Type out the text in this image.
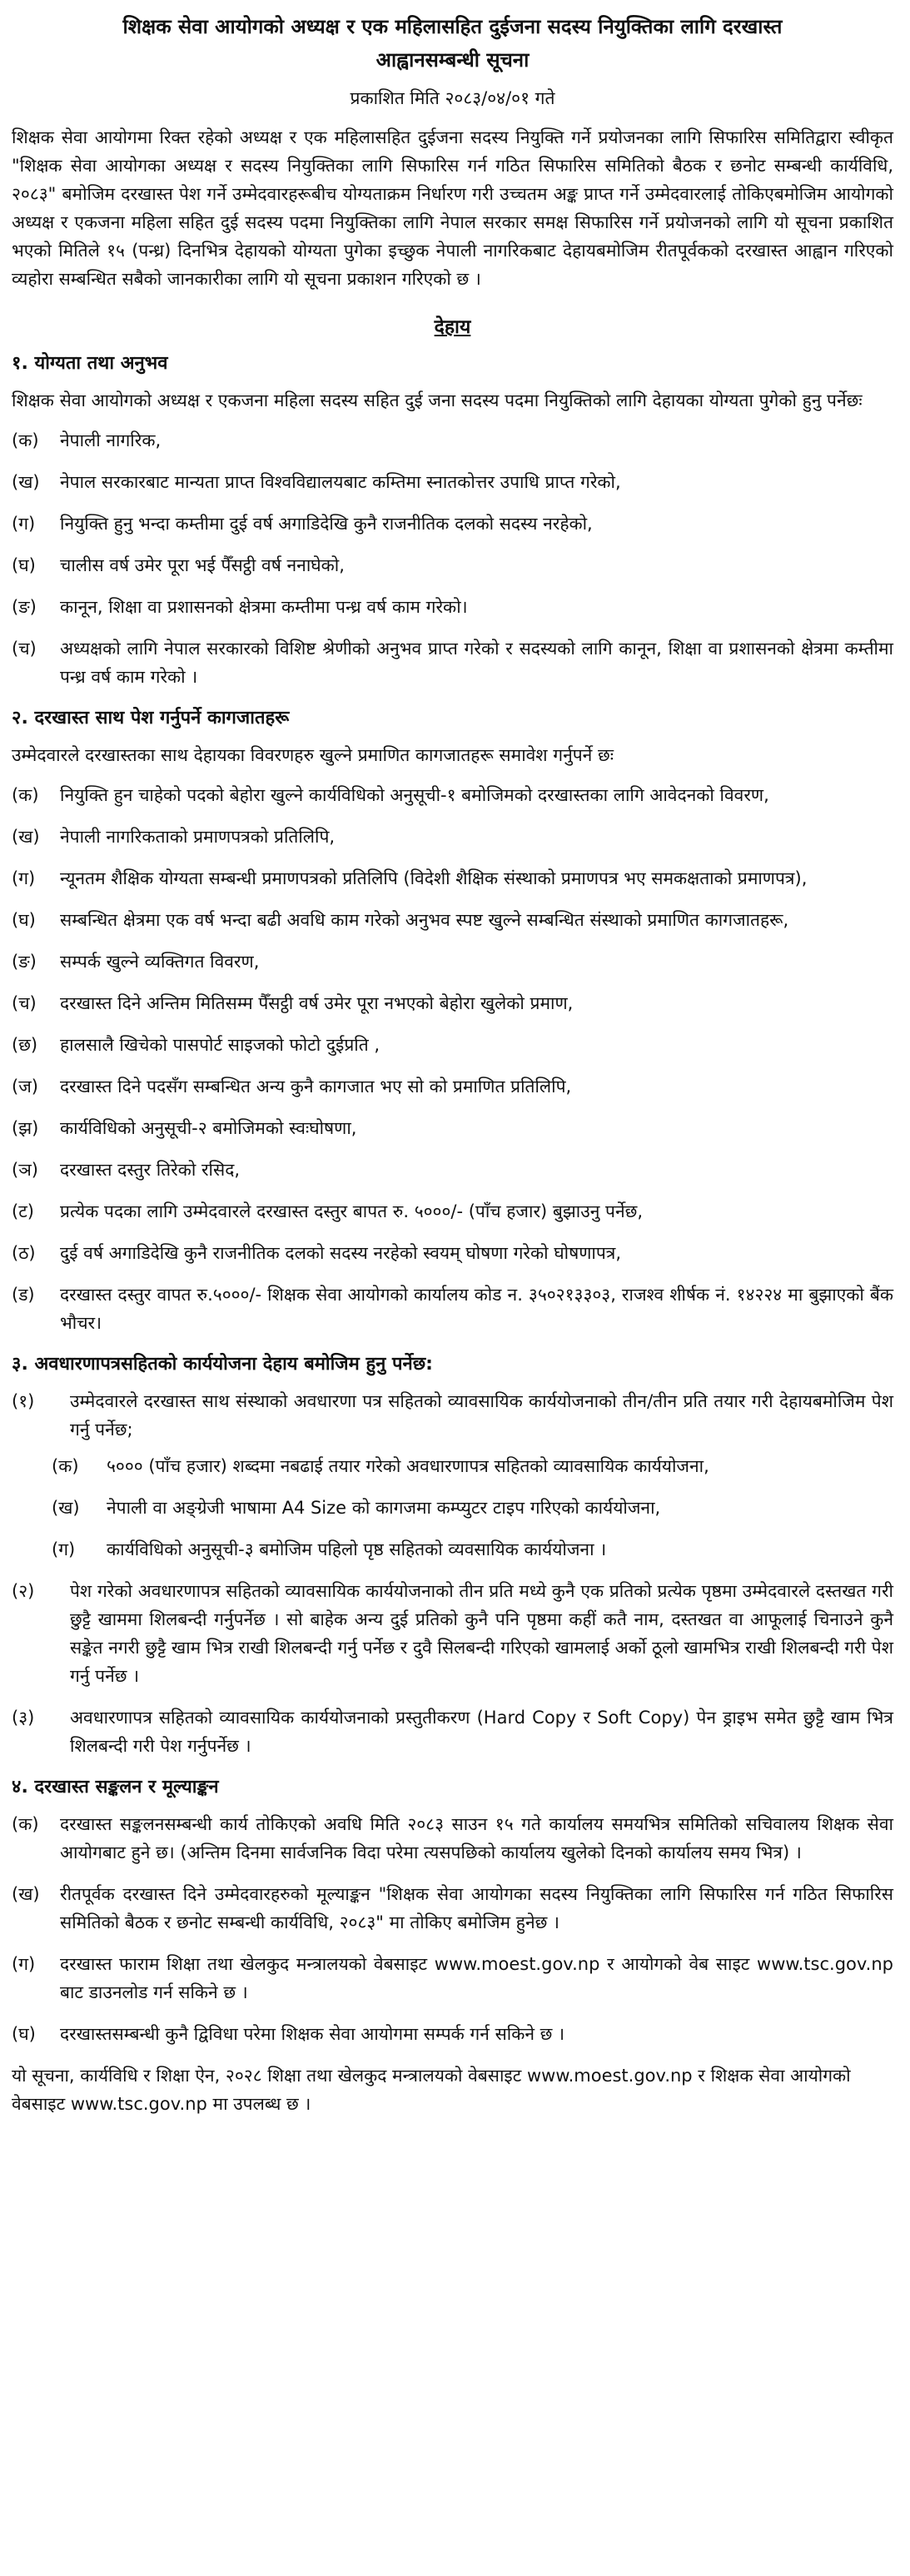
शिक्षक सेवा आयोगको अध्यक्ष र एक महिलासहित दुईजना सदस्य नियुक्तिका लागि दरखास्त

आह्वानसम्बन्धी सूचना

प्रकाशित मिति २०८३/०४/०१ गते

शिक्षक सेवा आयोगमा रिक्त रहेको अध्यक्ष र एक महिलासहित दुईजना सदस्य नियुक्ति गर्ने प्रयोजनका लागि सिफारिस समितिद्वारा स्वीकृत "शिक्षक सेवा आयोगका अध्यक्ष र सदस्य नियुक्तिका लागि सिफारिस गर्न गठित सिफारिस समितिको बैठक र छनोट सम्बन्धी कार्यविधि, २०८३" बमोजिम दरखास्त पेश गर्ने उम्मेदवारहरूबीच योग्यताक्रम निर्धारण गरी उच्चतम अङ्क प्राप्त गर्ने उम्मेदवारलाई तोकिएबमोजिम आयोगको अध्यक्ष र एकजना महिला सहित दुई सदस्य पदमा नियुक्तिका लागि नेपाल सरकार समक्ष सिफारिस गर्ने प्रयोजनको लागि यो सूचना प्रकाशित भएको मितिले १५ (पन्ध्र) दिनभित्र देहायको योग्यता पुगेका इच्छुक नेपाली नागरिकबाट देहायबमोजिम रीतपूर्वकको दरखास्त आह्वान गरिएको व्यहोरा सम्बन्धित सबैको जानकारीका लागि यो सूचना प्रकाशन गरिएको छ ।

देहाय

१. योग्यता तथा अनुभव

शिक्षक सेवा आयोगको अध्यक्ष र एकजना महिला सदस्य सहित दुई जना सदस्य पदमा नियुक्तिको लागि देहायका योग्यता पुगेको हुनु पर्नेछः

(क)	नेपाली नागरिक,
(ख)	नेपाल सरकारबाट मान्यता प्राप्त विश्वविद्यालयबाट कम्तिमा स्नातकोत्तर उपाधि प्राप्त गरेको,
(ग)	नियुक्ति हुनु भन्दा कम्तीमा दुई वर्ष अगाडिदेखि कुनै राजनीतिक दलको सदस्य नरहेको,
(घ)	चालीस वर्ष उमेर पूरा भई पैँसट्ठी वर्ष ननाघेको,
(ङ)	कानून, शिक्षा वा प्रशासनको क्षेत्रमा कम्तीमा पन्ध्र वर्ष काम गरेको।
(च)	अध्यक्षको लागि नेपाल सरकारको विशिष्ट श्रेणीको अनुभव प्राप्त गरेको र सदस्यको लागि कानून, शिक्षा वा प्रशासनको क्षेत्रमा कम्तीमा पन्ध्र वर्ष काम गरेको ।

२. दरखास्त साथ पेश गर्नुपर्ने कागजातहरू

उम्मेदवारले दरखास्तका साथ देहायका विवरणहरु खुल्ने प्रमाणित कागजातहरू समावेश गर्नुपर्ने छः

(क)	नियुक्ति हुन चाहेको पदको बेहोरा खुल्ने कार्यविधिको अनुसूची-१ बमोजिमको दरखास्तका लागि आवेदनको विवरण,
(ख)	नेपाली नागरिकताको प्रमाणपत्रको प्रतिलिपि,
(ग)	न्यूनतम शैक्षिक योग्यता सम्बन्धी प्रमाणपत्रको प्रतिलिपि (विदेशी शैक्षिक संस्थाको प्रमाणपत्र भए समकक्षताको प्रमाणपत्र),
(घ)	सम्बन्धित क्षेत्रमा एक वर्ष भन्दा बढी अवधि काम गरेको अनुभव स्पष्ट खुल्ने सम्बन्धित संस्थाको प्रमाणित कागजातहरू,
(ङ)	सम्पर्क खुल्ने व्यक्तिगत विवरण,
(च)	दरखास्त दिने अन्तिम मितिसम्म पैँसट्ठी वर्ष उमेर पूरा नभएको बेहोरा खुलेको प्रमाण,
(छ)	हालसालै खिचेको पासपोर्ट साइजको फोटो दुईप्रति ,
(ज)	दरखास्त दिने पदसँग सम्बन्धित अन्य कुनै कागजात भए सो को प्रमाणित प्रतिलिपि,
(झ)	कार्यविधिको अनुसूची-२ बमोजिमको स्वःघोषणा,
(ञ)	दरखास्त दस्तुर तिरेको रसिद,
(ट)	प्रत्येक पदका लागि उम्मेदवारले दरखास्त दस्तुर बापत रु. ५०००/- (पाँच हजार) बुझाउनु पर्नेछ,
(ठ)	दुई वर्ष अगाडिदेखि कुनै राजनीतिक दलको सदस्य नरहेको स्वयम् घोषणा गरेको घोषणापत्र,
(ड)	दरखास्त दस्तुर वापत रु.५०००/- शिक्षक सेवा आयोगको कार्यालय कोड न. ३५०२१३३०३, राजश्व शीर्षक नं. १४२२४ मा बुझाएको बैंक भौचर।

३. अवधारणापत्रसहितको कार्ययोजना देहाय बमोजिम हुनु पर्नेछ:

(१)	उम्मेदवारले दरखास्त साथ संस्थाको अवधारणा पत्र सहितको व्यावसायिक कार्ययोजनाको तीन/तीन प्रति तयार गरी देहायबमोजिम पेश गर्नु पर्नेछ;
(क)	५००० (पाँच हजार) शब्दमा नबढाई तयार गरेको अवधारणापत्र सहितको व्यावसायिक कार्ययोजना,
(ख)	नेपाली वा अङ्ग्रेजी भाषामा A4 Size को कागजमा कम्प्युटर टाइप गरिएको कार्ययोजना,
(ग)	कार्यविधिको अनुसूची-३ बमोजिम पहिलो पृष्ठ सहितको व्यवसायिक कार्ययोजना ।
(२)	पेश गरेको अवधारणापत्र सहितको व्यावसायिक कार्ययोजनाको तीन प्रति मध्ये कुनै एक प्रतिको प्रत्येक पृष्ठमा उम्मेदवारले दस्तखत गरी छुट्टै खाममा शिलबन्दी गर्नुपर्नेछ । सो बाहेक अन्य दुई प्रतिको कुनै पनि पृष्ठमा कहीं कतै नाम, दस्तखत वा आफूलाई चिनाउने कुनै सङ्केत नगरी छुट्टै खाम भित्र राखी शिलबन्दी गर्नु पर्नेछ र दुवै सिलबन्दी गरिएको खामलाई अर्को ठूलो खामभित्र राखी शिलबन्दी गरी पेश गर्नु पर्नेछ ।
(३)	अवधारणापत्र सहितको व्यावसायिक कार्ययोजनाको प्रस्तुतीकरण (Hard Copy र Soft Copy) पेन ड्राइभ समेत छुट्टै खाम भित्र शिलबन्दी गरी पेश गर्नुपर्नेछ ।

४. दरखास्त सङ्कलन र मूल्याङ्कन

(क)	दरखास्त सङ्कलनसम्बन्धी कार्य तोकिएको अवधि मिति २०८३ साउन १५ गते कार्यालय समयभित्र समितिको सचिवालय शिक्षक सेवा आयोगबाट हुने छ। (अन्तिम दिनमा सार्वजनिक विदा परेमा त्यसपछिको कार्यालय खुलेको दिनको कार्यालय समय भित्र) ।
(ख)	रीतपूर्वक दरखास्त दिने उम्मेदवारहरुको मूल्याङ्कन "शिक्षक सेवा आयोगका सदस्य नियुक्तिका लागि सिफारिस गर्न गठित सिफारिस समितिको बैठक र छनोट सम्बन्धी कार्यविधि, २०८३" मा तोकिए बमोजिम हुनेछ ।
(ग)	दरखास्त फाराम शिक्षा तथा खेलकुद मन्त्रालयको वेबसाइट www.moest.gov.np र आयोगको वेब साइट www.tsc.gov.np बाट डाउनलोड गर्न सकिने छ ।
(घ)	दरखास्तसम्बन्धी कुनै द्विविधा परेमा शिक्षक सेवा आयोगमा सम्पर्क गर्न सकिने छ ।

यो सूचना, कार्यविधि र शिक्षा ऐन, २०२८ शिक्षा तथा खेलकुद मन्त्रालयको वेबसाइट www.moest.gov.np र शिक्षक सेवा आयोगको वेबसाइट www.tsc.gov.np मा उपलब्ध छ ।
